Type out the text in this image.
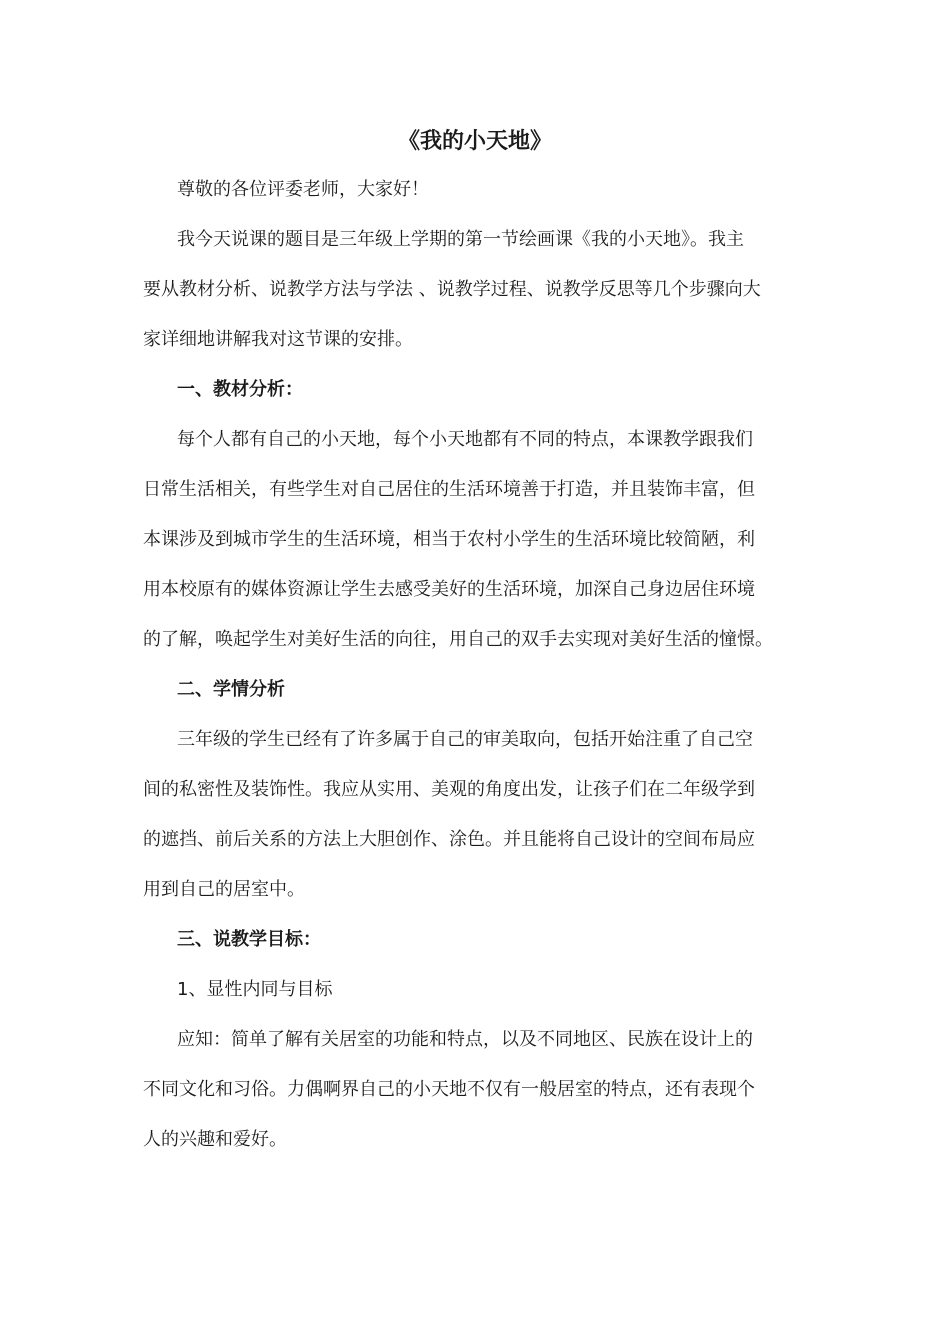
《我的小天地》

尊敬的各位评委老师，大家好！

我今天说课的题目是三年级上学期的第一节绘画课《我的小天地》。我主

要从教材分析、说教学方法与学法 、说教学过程、说教学反思等几个步骤向大

家详细地讲解我对这节课的安排。

一、教材分析：

每个人都有自己的小天地，每个小天地都有不同的特点，本课教学跟我们

日常生活相关，有些学生对自己居住的生活环境善于打造，并且装饰丰富，但

本课涉及到城市学生的生活环境，相当于农村小学生的生活环境比较简陋，利

用本校原有的媒体资源让学生去感受美好的生活环境，加深自己身边居住环境

的了解，唤起学生对美好生活的向往，用自己的双手去实现对美好生活的憧憬。

二、学情分析

三年级的学生已经有了许多属于自己的审美取向，包括开始注重了自己空

间的私密性及装饰性。我应从实用、美观的角度出发，让孩子们在二年级学到

的遮挡、前后关系的方法上大胆创作、涂色。并且能将自己设计的空间布局应

用到自己的居室中。

三、说教学目标：

1、显性内同与目标

应知：简单了解有关居室的功能和特点，以及不同地区、民族在设计上的

不同文化和习俗。力偶啊界自己的小天地不仅有一般居室的特点，还有表现个

人的兴趣和爱好。
